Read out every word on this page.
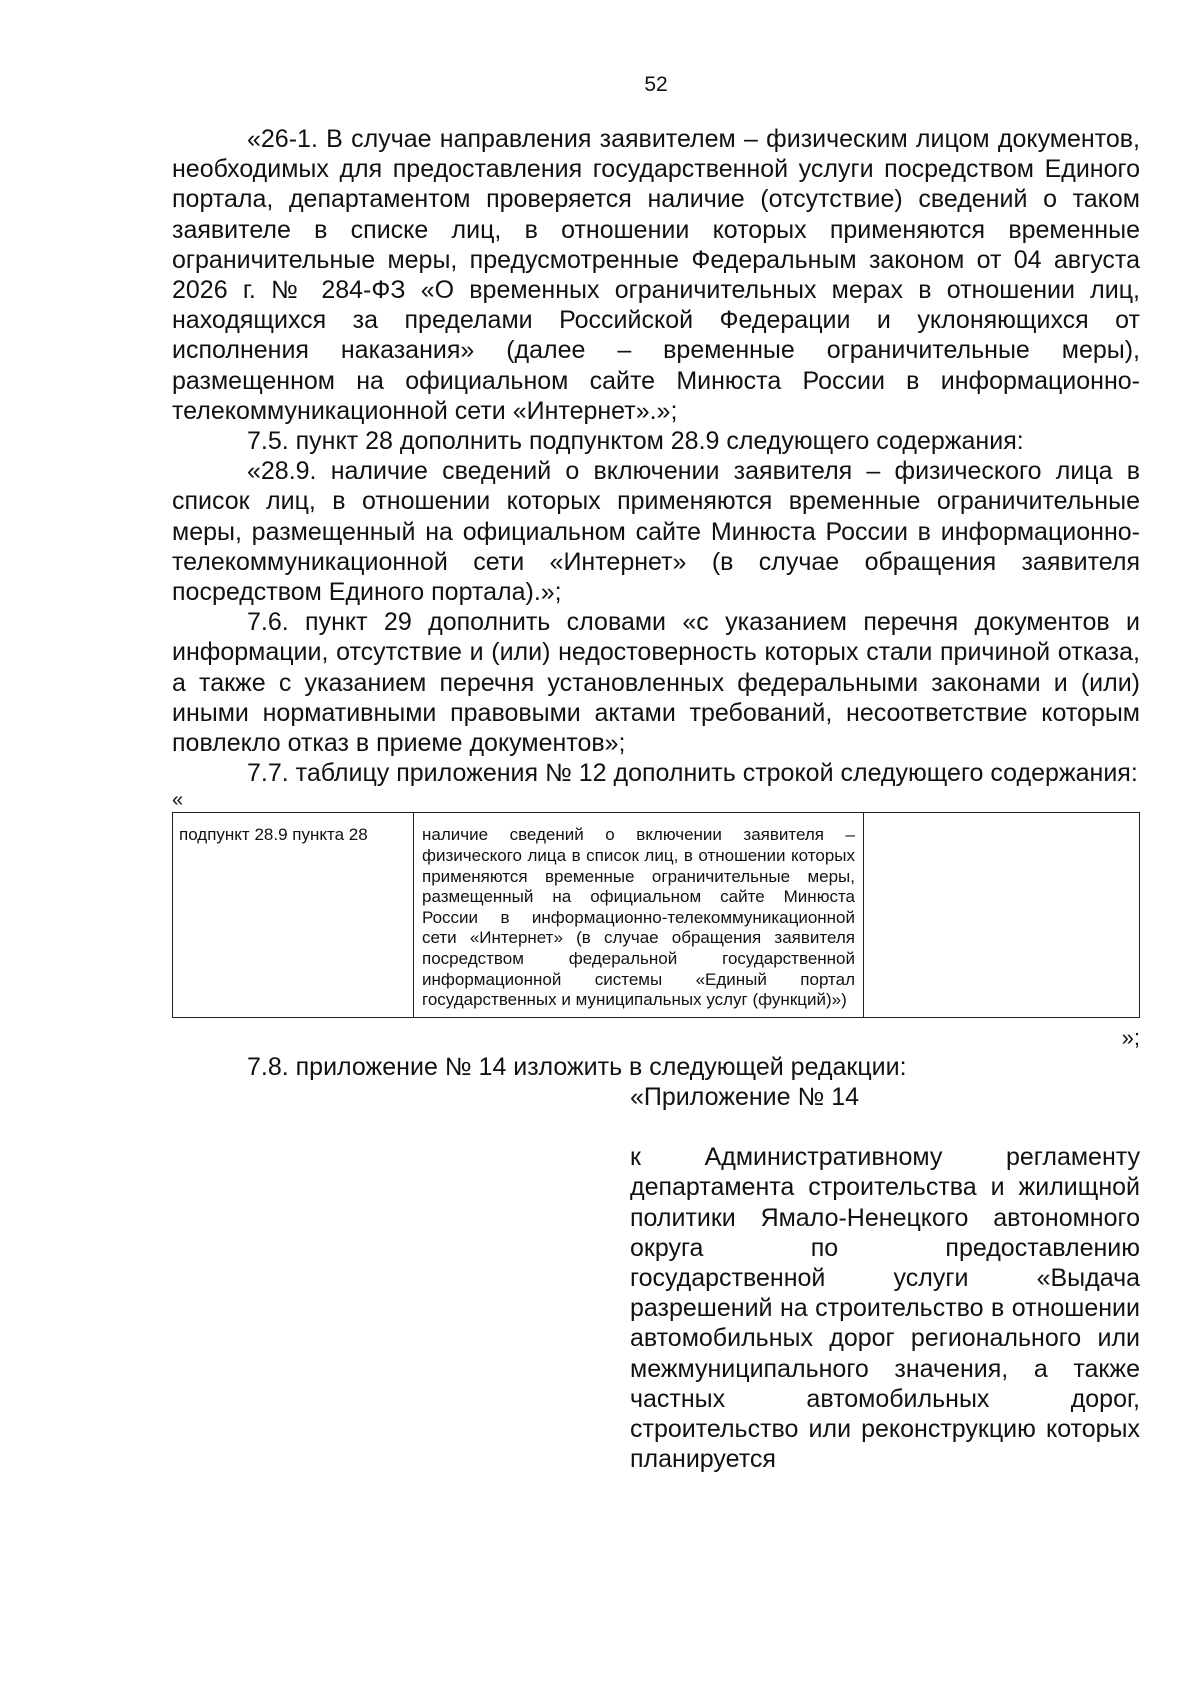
52

«26-1. В случае направления заявителем – физическим лицом документов, необходимых для предоставления государственной услуги посредством Единого портала, департаментом проверяется наличие (отсутствие) сведений о таком заявителе в списке лиц, в отношении которых применяются временные ограничительные меры, предусмотренные Федеральным законом от 04 августа 2026 г. № 284-ФЗ «О временных ограничительных мерах в отношении лиц, находящихся за пределами Российской Федерации и уклоняющихся от исполнения наказания» (далее – временные ограничительные меры), размещенном на официальном сайте Минюста России в информационно-телекоммуникационной сети «Интернет».»;

7.5. пункт 28 дополнить подпунктом 28.9 следующего содержания:

«28.9. наличие сведений о включении заявителя – физического лица в список лиц, в отношении которых применяются временные ограничительные меры, размещенный на официальном сайте Минюста России в информационно-телекоммуникационной сети «Интернет» (в случае обращения заявителя посредством Единого портала).»;

7.6. пункт 29 дополнить словами «с указанием перечня документов и информации, отсутствие и (или) недостоверность которых стали причиной отказа, а также с указанием перечня установленных федеральными законами и (или) иными нормативными правовыми актами требований, несоответствие которым повлекло отказ в приеме документов»;

7.7. таблицу приложения № 12 дополнить строкой следующего содержания:

«

подпункт 28.9 пункта 28	наличие сведений о включении заявителя – физического лица в список лиц, в отношении которых применяются временные ограничительные меры, размещенный на официальном сайте Минюста России в информационно-телекоммуникационной сети «Интернет» (в случае обращения заявителя посредством федеральной государственной информационной системы «Единый портал государственных и муниципальных услуг (функций)»)	

»;

7.8. приложение № 14 изложить в следующей редакции:

«Приложение № 14

к Административному регламенту департамента строительства и жилищной политики Ямало-Ненецкого автономного округа по предоставлению государственной услуги «Выдача разрешений на строительство в отношении автомобильных дорог регионального или межмуниципального значения, а также частных автомобильных дорог, строительство или реконструкцию которых планируется
